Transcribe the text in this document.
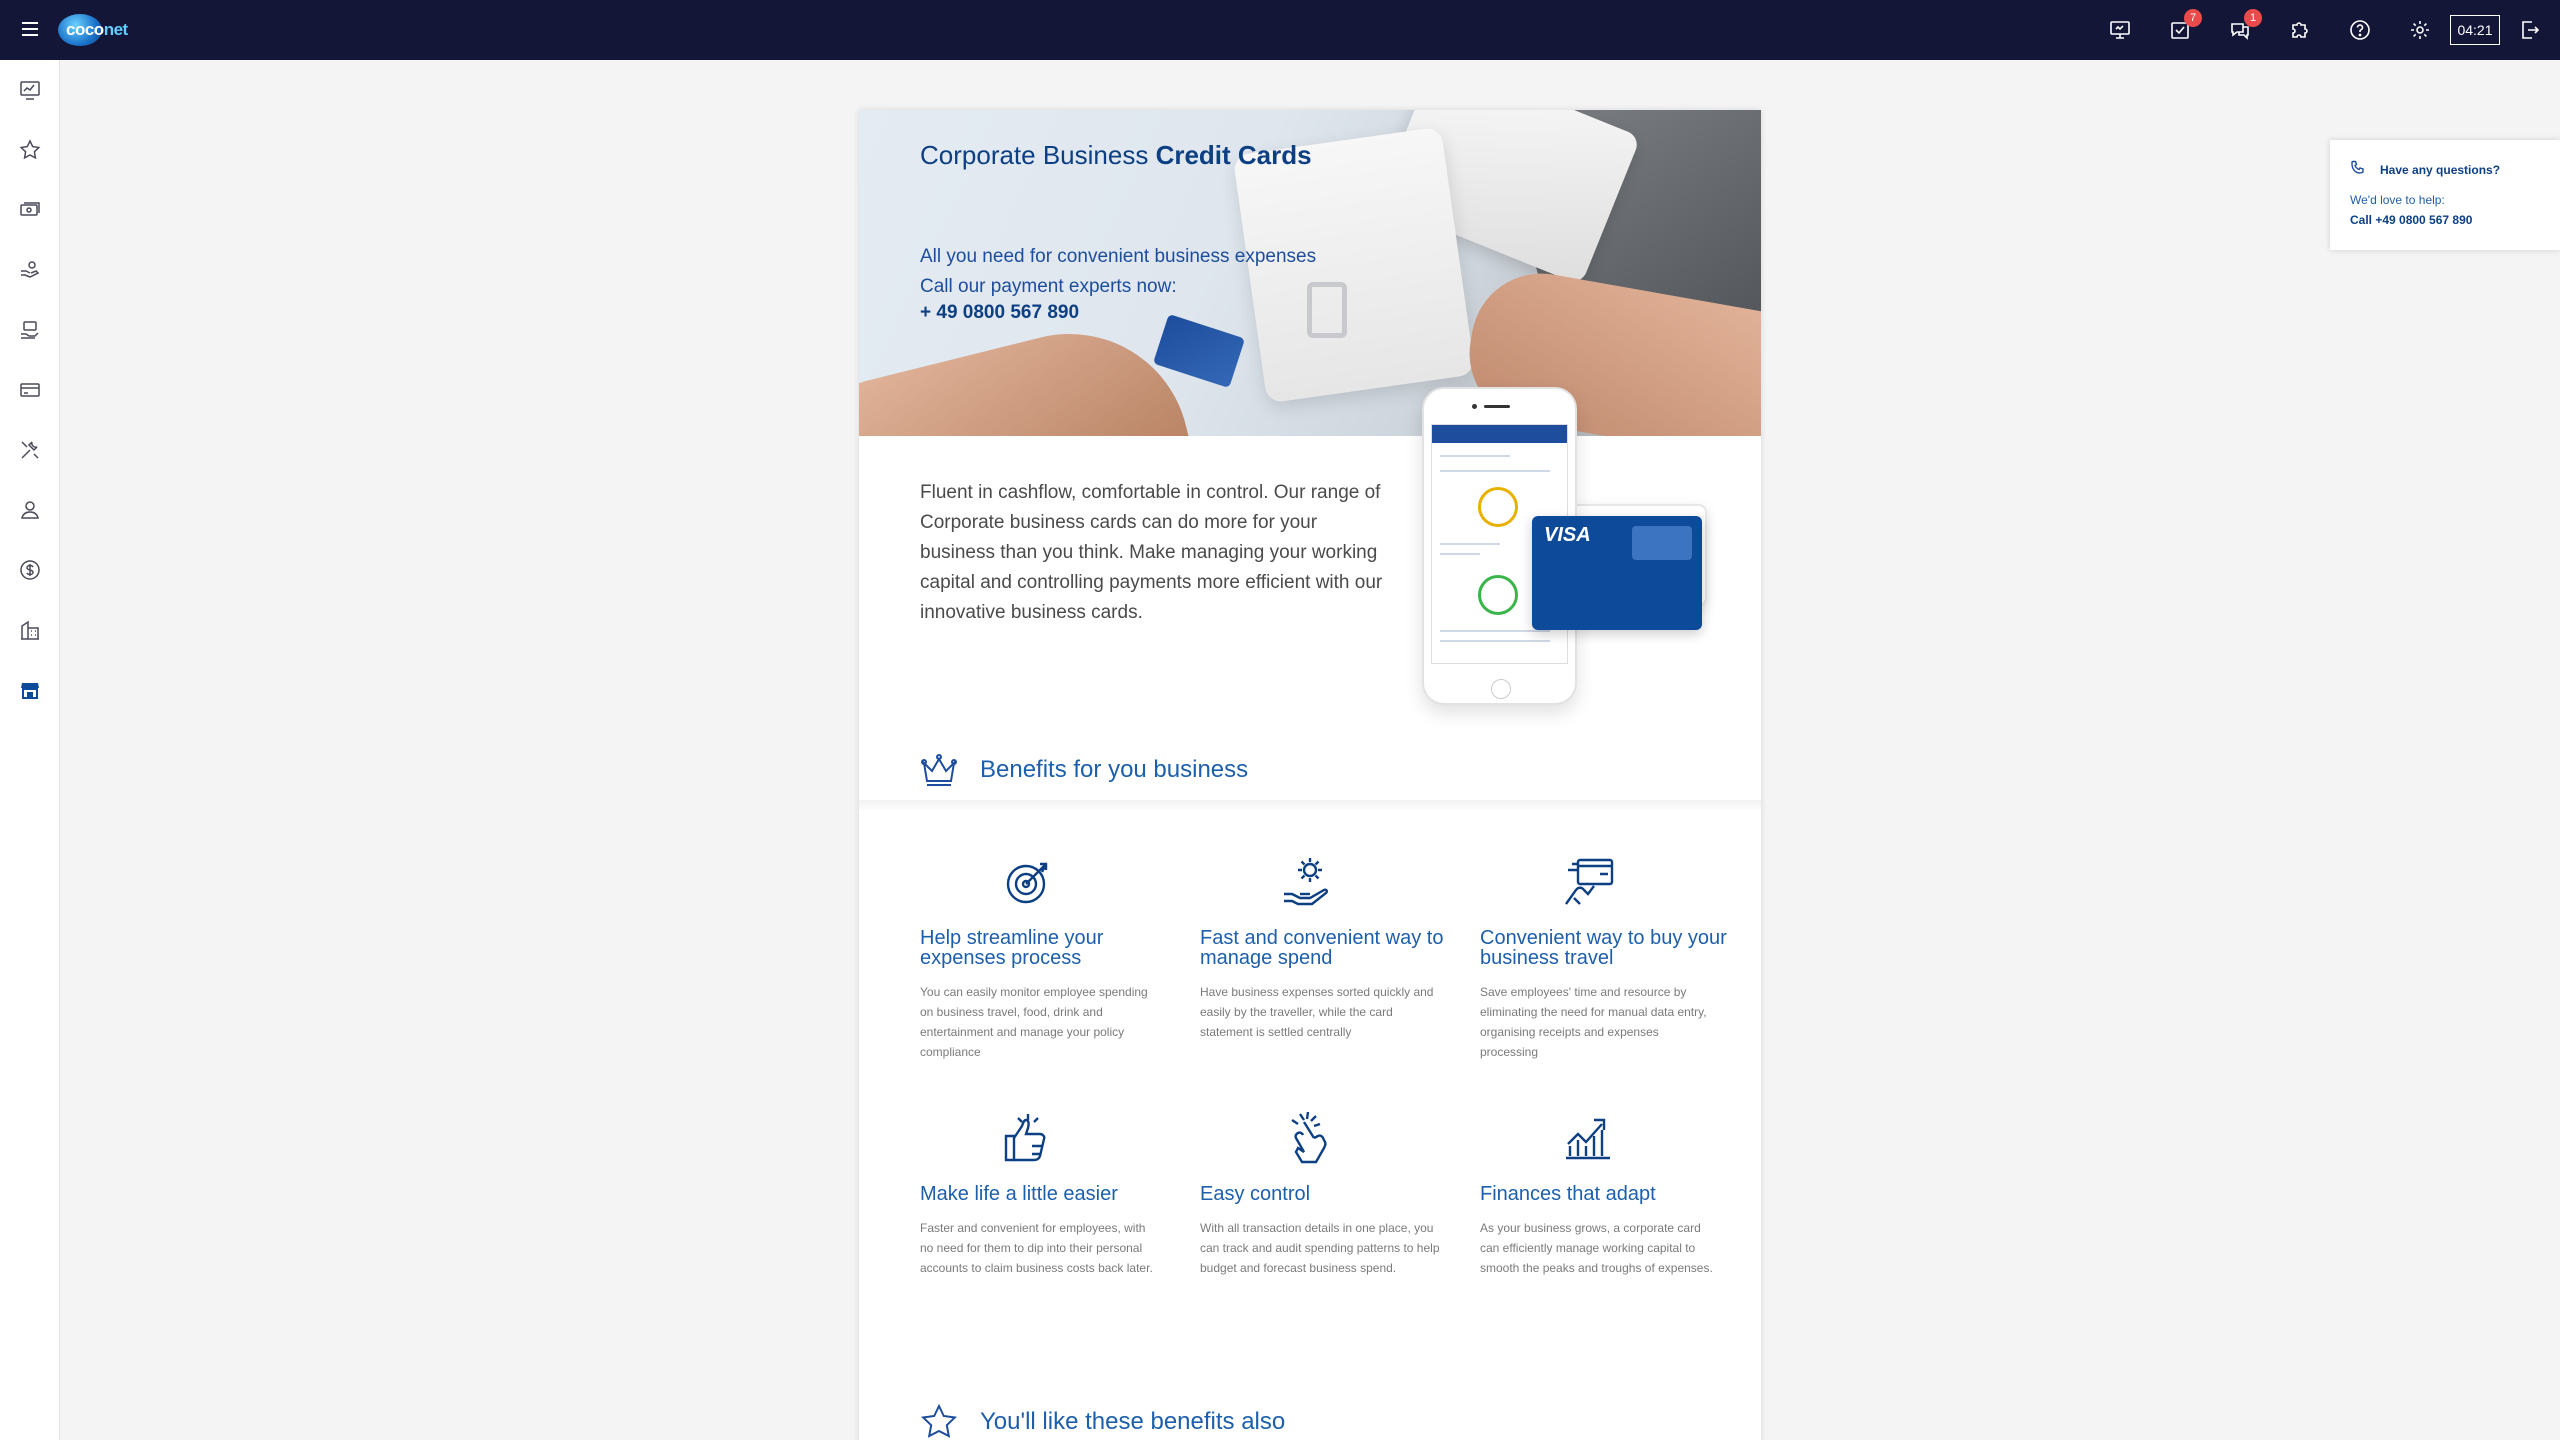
coconet
7	1
04:21
Corporate Business Credit Cards
All you need for convenient business expenses
Call our payment experts now:
+ 49 0800 567 890
Fluent in cashflow, comfortable in control. Our range of Corporate business cards can do more for your business than you think. Make managing your working capital and controlling payments more efficient with our innovative business cards.
VISA
Benefits for you business
Help streamline your expenses process
You can easily monitor employee spending on business travel, food, drink and entertainment and manage your policy compliance
Fast and convenient way to manage spend
Have business expenses sorted quickly and easily by the traveller, while the card statement is settled centrally
Convenient way to buy your business travel
Save employees' time and resource by eliminating the need for manual data entry, organising receipts and expenses processing
Make life a little easier
Faster and convenient for employees, with no need for them to dip into their personal accounts to claim business costs back later.
Easy control
With all transaction details in one place, you can track and audit spending patterns to help budget and forecast business spend.
Finances that adapt
As your business grows, a corporate card can efficiently manage working capital to smooth the peaks and troughs of expenses.
You'll like these benefits also
Have any questions?
We'd love to help:
Call +49 0800 567 890
